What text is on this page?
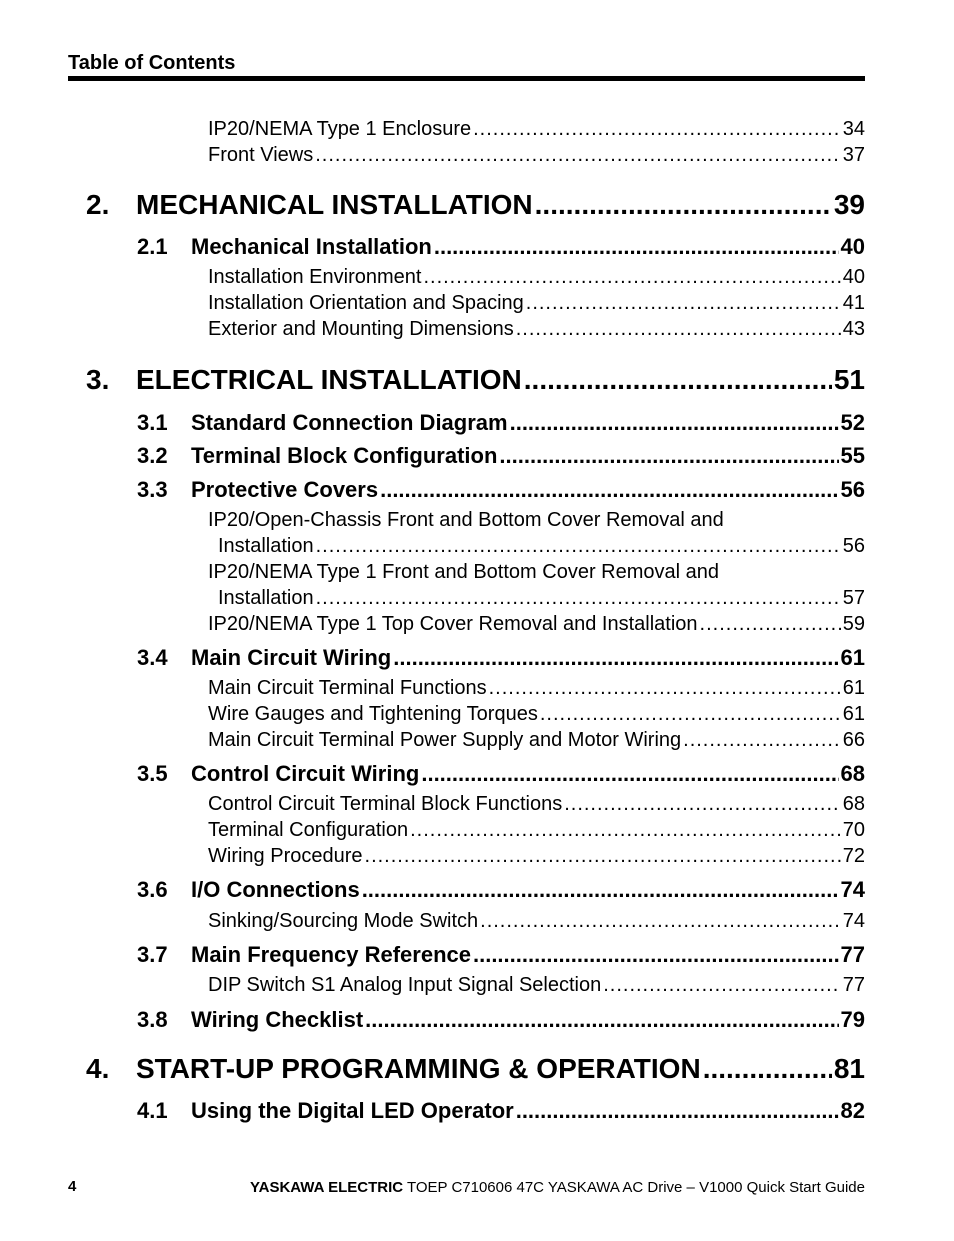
Table of Contents
IP20/NEMA Type 1 Enclosure .....	34
Front Views .....	37
2. MECHANICAL INSTALLATION .....	39
2.1	Mechanical Installation .....	40
Installation Environment .....	40
Installation Orientation and Spacing .....	41
Exterior and Mounting Dimensions .....	43
3. ELECTRICAL INSTALLATION .....	51
3.1	Standard Connection Diagram .....	52
3.2	Terminal Block Configuration .....	55
3.3	Protective Covers .....	56
IP20/Open-Chassis Front and Bottom Cover Removal and
Installation .....	56
IP20/NEMA Type 1 Front and Bottom Cover Removal and
Installation .....	57
IP20/NEMA Type 1 Top Cover Removal and Installation .....	59
3.4	Main Circuit Wiring .....	61
Main Circuit Terminal Functions .....	61
Wire Gauges and Tightening Torques .....	61
Main Circuit Terminal Power Supply and Motor Wiring .....	66
3.5	Control Circuit Wiring .....	68
Control Circuit Terminal Block Functions .....	68
Terminal Configuration .....	70
Wiring Procedure .....	72
3.6	I/O Connections .....	74
Sinking/Sourcing Mode Switch .....	74
3.7	Main Frequency Reference .....	77
DIP Switch S1 Analog Input Signal Selection .....	77
3.8	Wiring Checklist .....	79
4. START-UP PROGRAMMING & OPERATION .....	81
4.1	Using the Digital LED Operator .....	82
4	YASKAWA ELECTRIC TOEP C710606 47C YASKAWA AC Drive – V1000 Quick Start Guide
